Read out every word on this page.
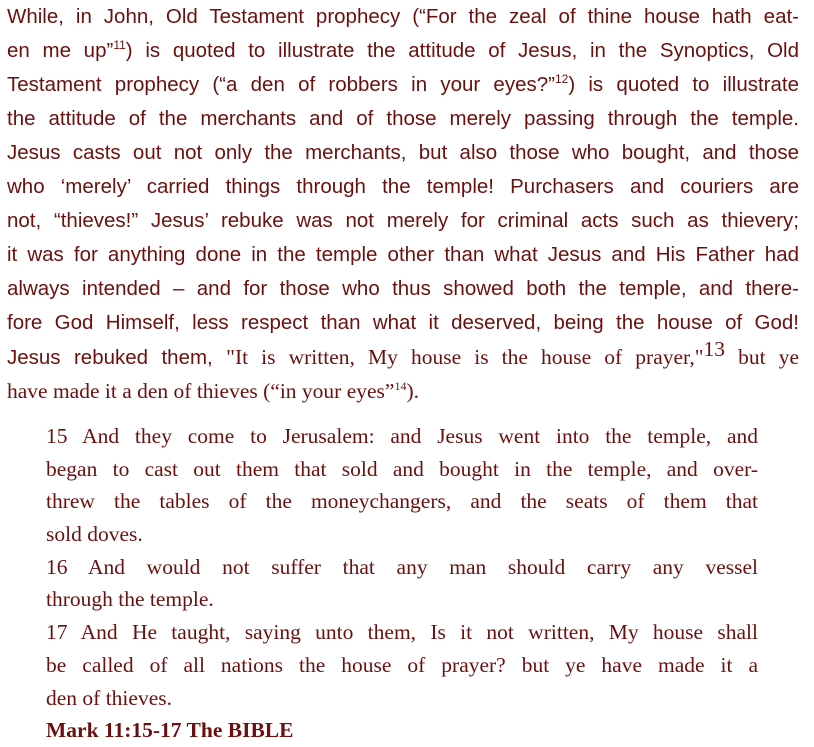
While, in John, Old Testament prophecy (“For the zeal of thine house hath eat-
en me up”$^{11}$) is quoted to illustrate the attitude of Jesus, in the Synoptics, Old
Testament prophecy (“a den of robbers in your eyes?”$^{12}$) is quoted to illustrate
the attitude of the merchants and of those merely passing through the temple.
Jesus casts out not only the merchants, but also those who bought, and those
who ‘merely’ carried things through the temple! Purchasers and couriers are
not, “thieves!” Jesus’ rebuke was not merely for criminal acts such as thievery;
it was for anything done in the temple other than what Jesus and His Father had
always intended – and for those who thus showed both the temple, and there-
fore God Himself, less respect than what it deserved, being the house of God!
Jesus rebuked them, "It is written, My house is the house of prayer,"$^{13}$ but ye
have made it a den of thieves (“in your eyes”$^{14}$).
15 And they come to Jerusalem: and Jesus went into the temple, and
began to cast out them that sold and bought in the temple, and over-
threw the tables of the moneychangers, and the seats of them that
sold doves.
16 And would not suffer that any man should carry any vessel
through the temple.
17 And He taught, saying unto them, Is it not written, My house shall
be called of all nations the house of prayer? but ye have made it a
den of thieves.
Mark 11:15-17 The BIBLE
